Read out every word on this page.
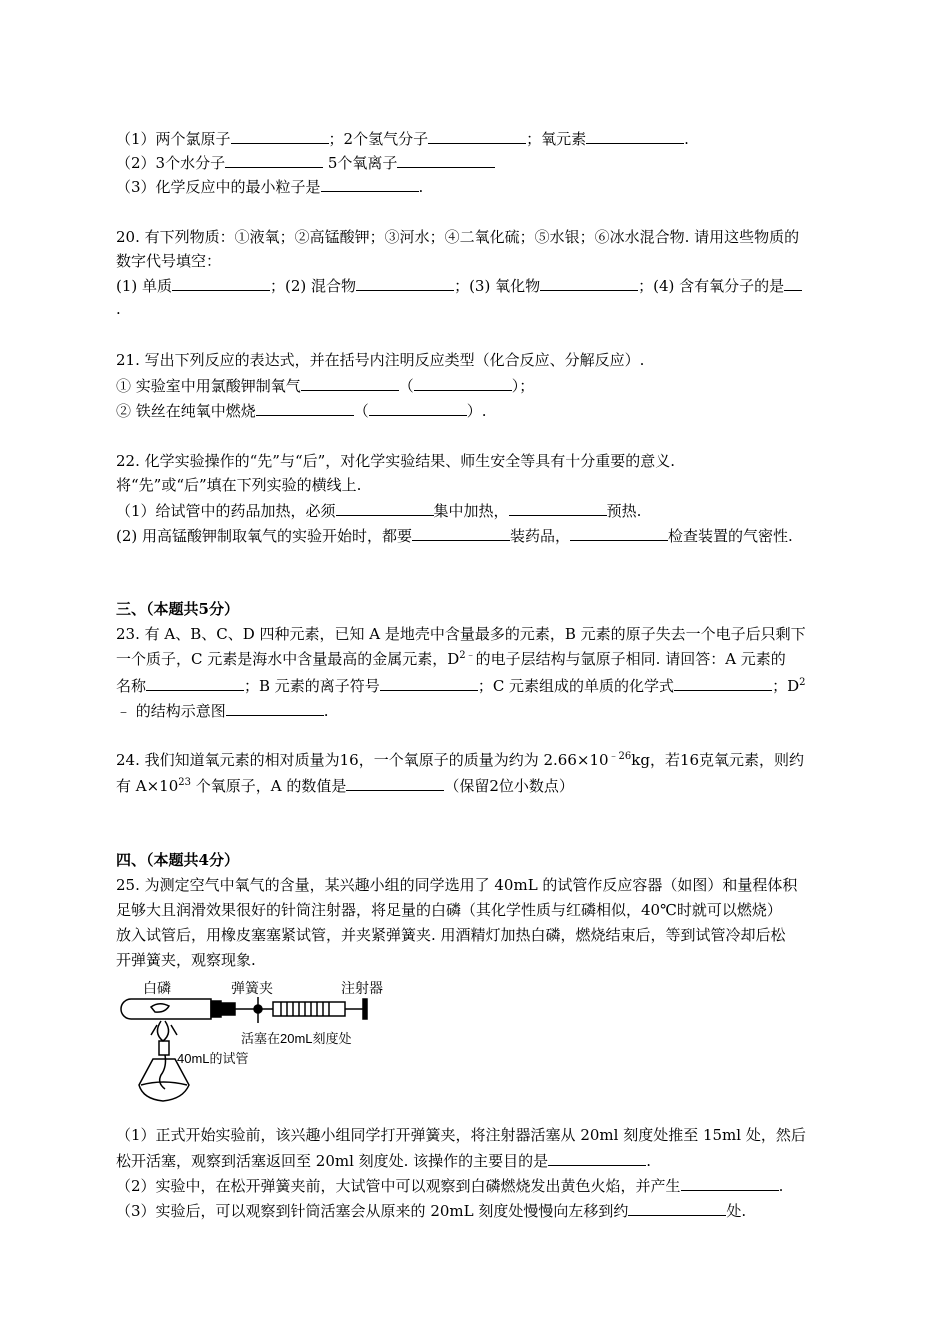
（1）两个氯原子	；2个氢气分子	；氧元素	.
（2）3个水分子	5个氧离子
（3）化学反应中的最小粒子是	.
20. 有下列物质：①液氧；②高锰酸钾；③河水；④二氧化硫；⑤水银；⑥冰水混合物. 请用这些物质的
数字代号填空：
(1) 单质	；(2) 混合物	；(3) 氧化物	；(4) 含有氧分子的是
.
21. 写出下列反应的表达式，并在括号内注明反应类型（化合反应、分解反应）.
① 实验室中用氯酸钾制氧气	（	）；
② 铁丝在纯氧中燃烧	（	）.
22. 化学实验操作的“先”与“后”，对化学实验结果、师生安全等具有十分重要的意义.
将“先”或“后”填在下列实验的横线上.
（1）给试管中的药品加热，必须	集中加热，	预热.
(2) 用高锰酸钾制取氧气的实验开始时，都要	装药品，	检查装置的气密性.
三、（本题共5分）
23. 有 A、B、C、D 四种元素，已知 A 是地壳中含量最多的元素，B 元素的原子失去一个电子后只剩下
一个质子，C 元素是海水中含量最高的金属元素，$D^{2﹣}$的电子层结构与氩原子相同. 请回答：A 元素的
名称	；B 元素的离子符号	；C 元素组成的单质的化学式	；$D^2$
﹣ 的结构示意图	.
24. 我们知道氧元素的相对质量为16，一个氧原子的质量为约为 $2.66\times 10^{﹣26}kg$，若16克氧元素，则约
有 $A\times 10^{23}$ 个氧原子，A 的数值是	（保留2位小数点）
四、（本题共4分）
25. 为测定空气中氧气的含量，某兴趣小组的同学选用了 40mL 的试管作反应容器（如图）和量程体积
足够大且润滑效果很好的针筒注射器，将足量的白磷（其化学性质与红磷相似，40℃时就可以燃烧）
放入试管后，用橡皮塞塞紧试管，并夹紧弹簧夹. 用酒精灯加热白磷，燃烧结束后，等到试管冷却后松
开弹簧夹，观察现象.
白磷	弹簧夹	注射器
活塞在20mL刻度处
40mL的试管
（1）正式开始实验前，该兴趣小组同学打开弹簧夹，将注射器活塞从 20ml 刻度处推至 15ml 处，然后
松开活塞，观察到活塞返回至 20ml 刻度处. 该操作的主要目的是	.
（2）实验中，在松开弹簧夹前，大试管中可以观察到白磷燃烧发出黄色火焰，并产生	.
（3）实验后，可以观察到针筒活塞会从原来的 20mL 刻度处慢慢向左移到约	处.
